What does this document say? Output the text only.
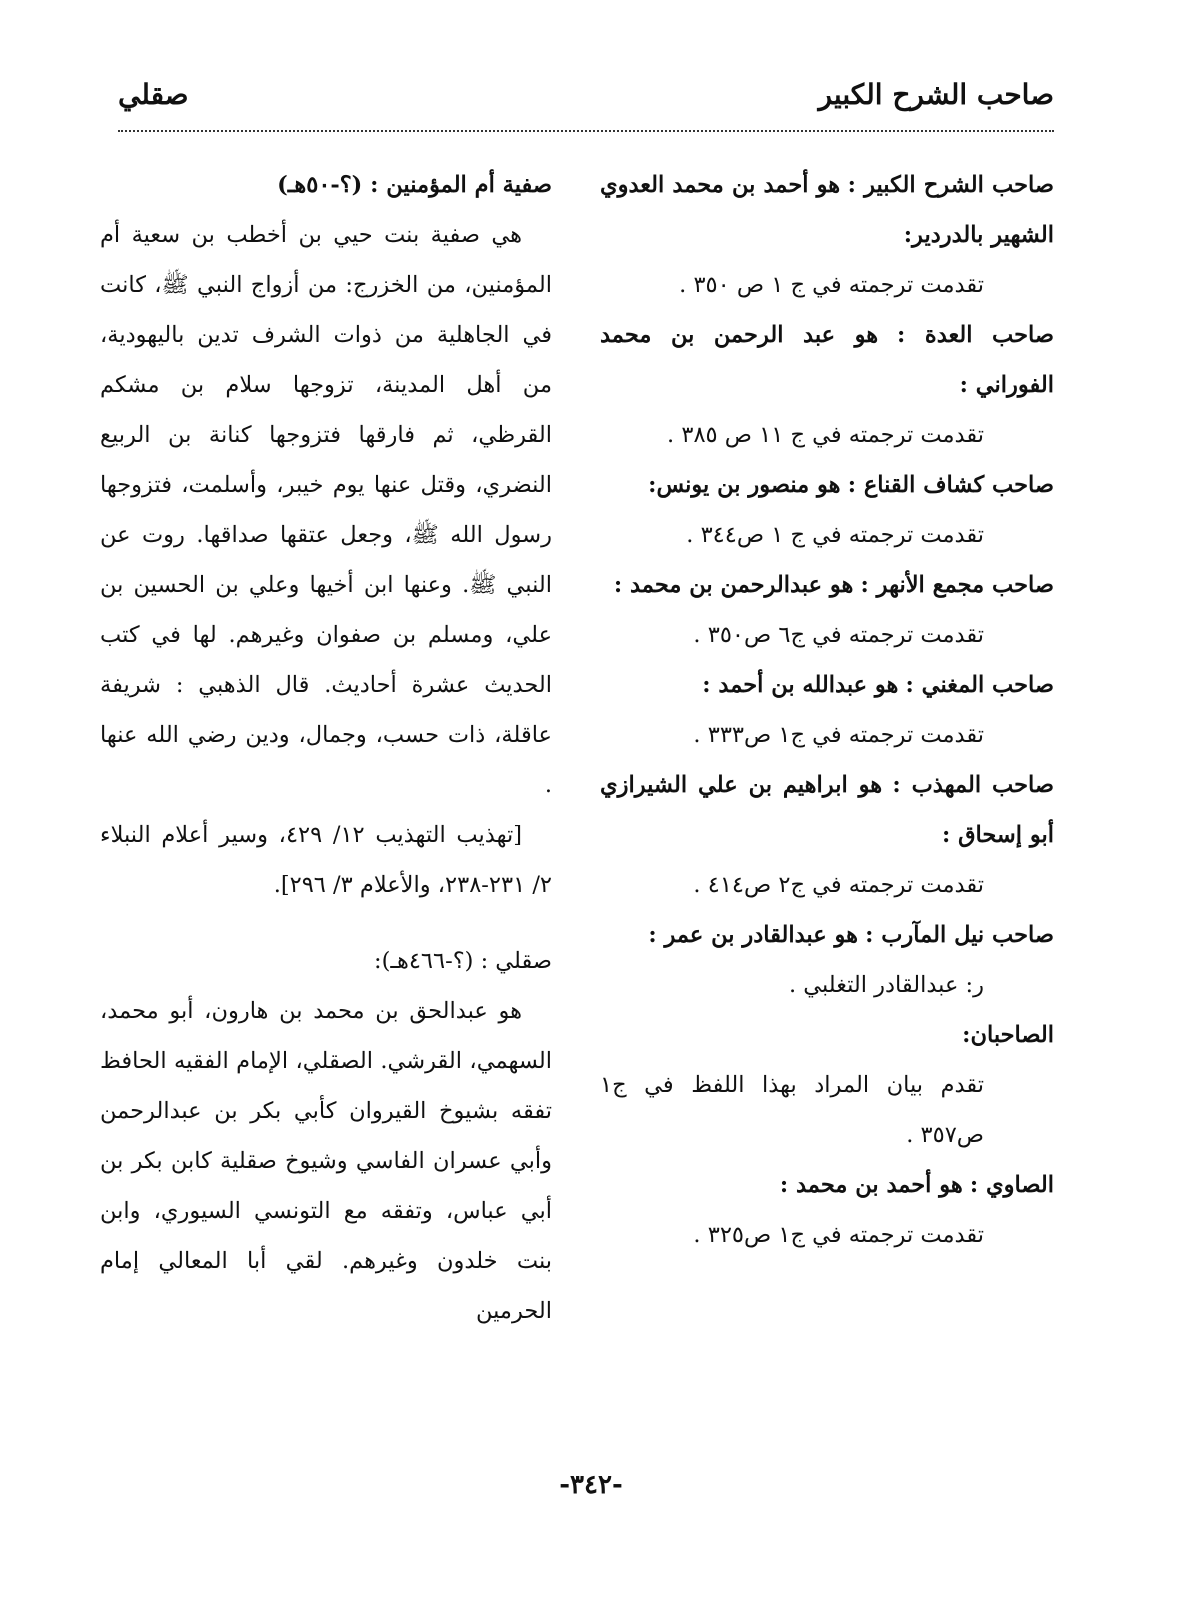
صاحب الشرح الكبير
صقلي
صاحب الشرح الكبير : هو أحمد بن محمد العدوي الشهير بالدردير:
تقدمت ترجمته في ج ١ ص ٣٥٠ .
صاحب العدة : هو عبد الرحمن بن محمد الفوراني :
تقدمت ترجمته في ج ١١ ص ٣٨٥ .
صاحب كشاف القناع : هو منصور بن يونس:
تقدمت ترجمته في ج ١ ص٣٤٤ .
صاحب مجمع الأنهر : هو عبدالرحمن بن محمد :
تقدمت ترجمته في ج٦ ص٣٥٠ .
صاحب المغني : هو عبدالله بن أحمد :
تقدمت ترجمته في ج١ ص٣٣٣ .
صاحب المهذب : هو ابراهيم بن علي الشيرازي أبو إسحاق :
تقدمت ترجمته في ج٢ ص٤١٤ .
صاحب نيل المآرب : هو عبدالقادر بن عمر :
ر: عبدالقادر التغلبي .
الصاحبان:
تقدم بيان المراد بهذا اللفظ في ج١ ص٣٥٧ .
الصاوي : هو أحمد بن محمد :
تقدمت ترجمته في ج١ ص٣٢٥ .
صفية أم المؤمنين : (؟-٥٠هـ)
هي صفية بنت حيي بن أخطب بن سعية أم المؤمنين، من الخزرج: من أزواج النبي ﷺ، كانت في الجاهلية من ذوات الشرف تدين باليهودية، من أهل المدينة، تزوجها سلام بن مشكم القرظي، ثم فارقها فتزوجها كنانة بن الربيع النضري، وقتل عنها يوم خيبر، وأسلمت، فتزوجها رسول الله ﷺ، وجعل عتقها صداقها. روت عن النبي ﷺ. وعنها ابن أخيها وعلي بن الحسين بن علي، ومسلم بن صفوان وغيرهم. لها في كتب الحديث عشرة أحاديث. قال الذهبي : شريفة عاقلة، ذات حسب، وجمال، ودين رضي الله عنها .
[تهذيب التهذيب ١٢/ ٤٢٩، وسير أعلام النبلاء ٢/ ٢٣١-٢٣٨، والأعلام ٣/ ٢٩٦].
صقلي : (؟-٤٦٦هـ):
هو عبدالحق بن محمد بن هارون، أبو محمد، السهمي، القرشي. الصقلي، الإمام الفقيه الحافظ تفقه بشيوخ القيروان كأبي بكر بن عبدالرحمن وأبي عسران الفاسي وشيوخ صقلية كابن بكر بن أبي عباس، وتفقه مع التونسي السيوري، وابن بنت خلدون وغيرهم. لقي أبا المعالي إمام الحرمين
-٣٤٢-
